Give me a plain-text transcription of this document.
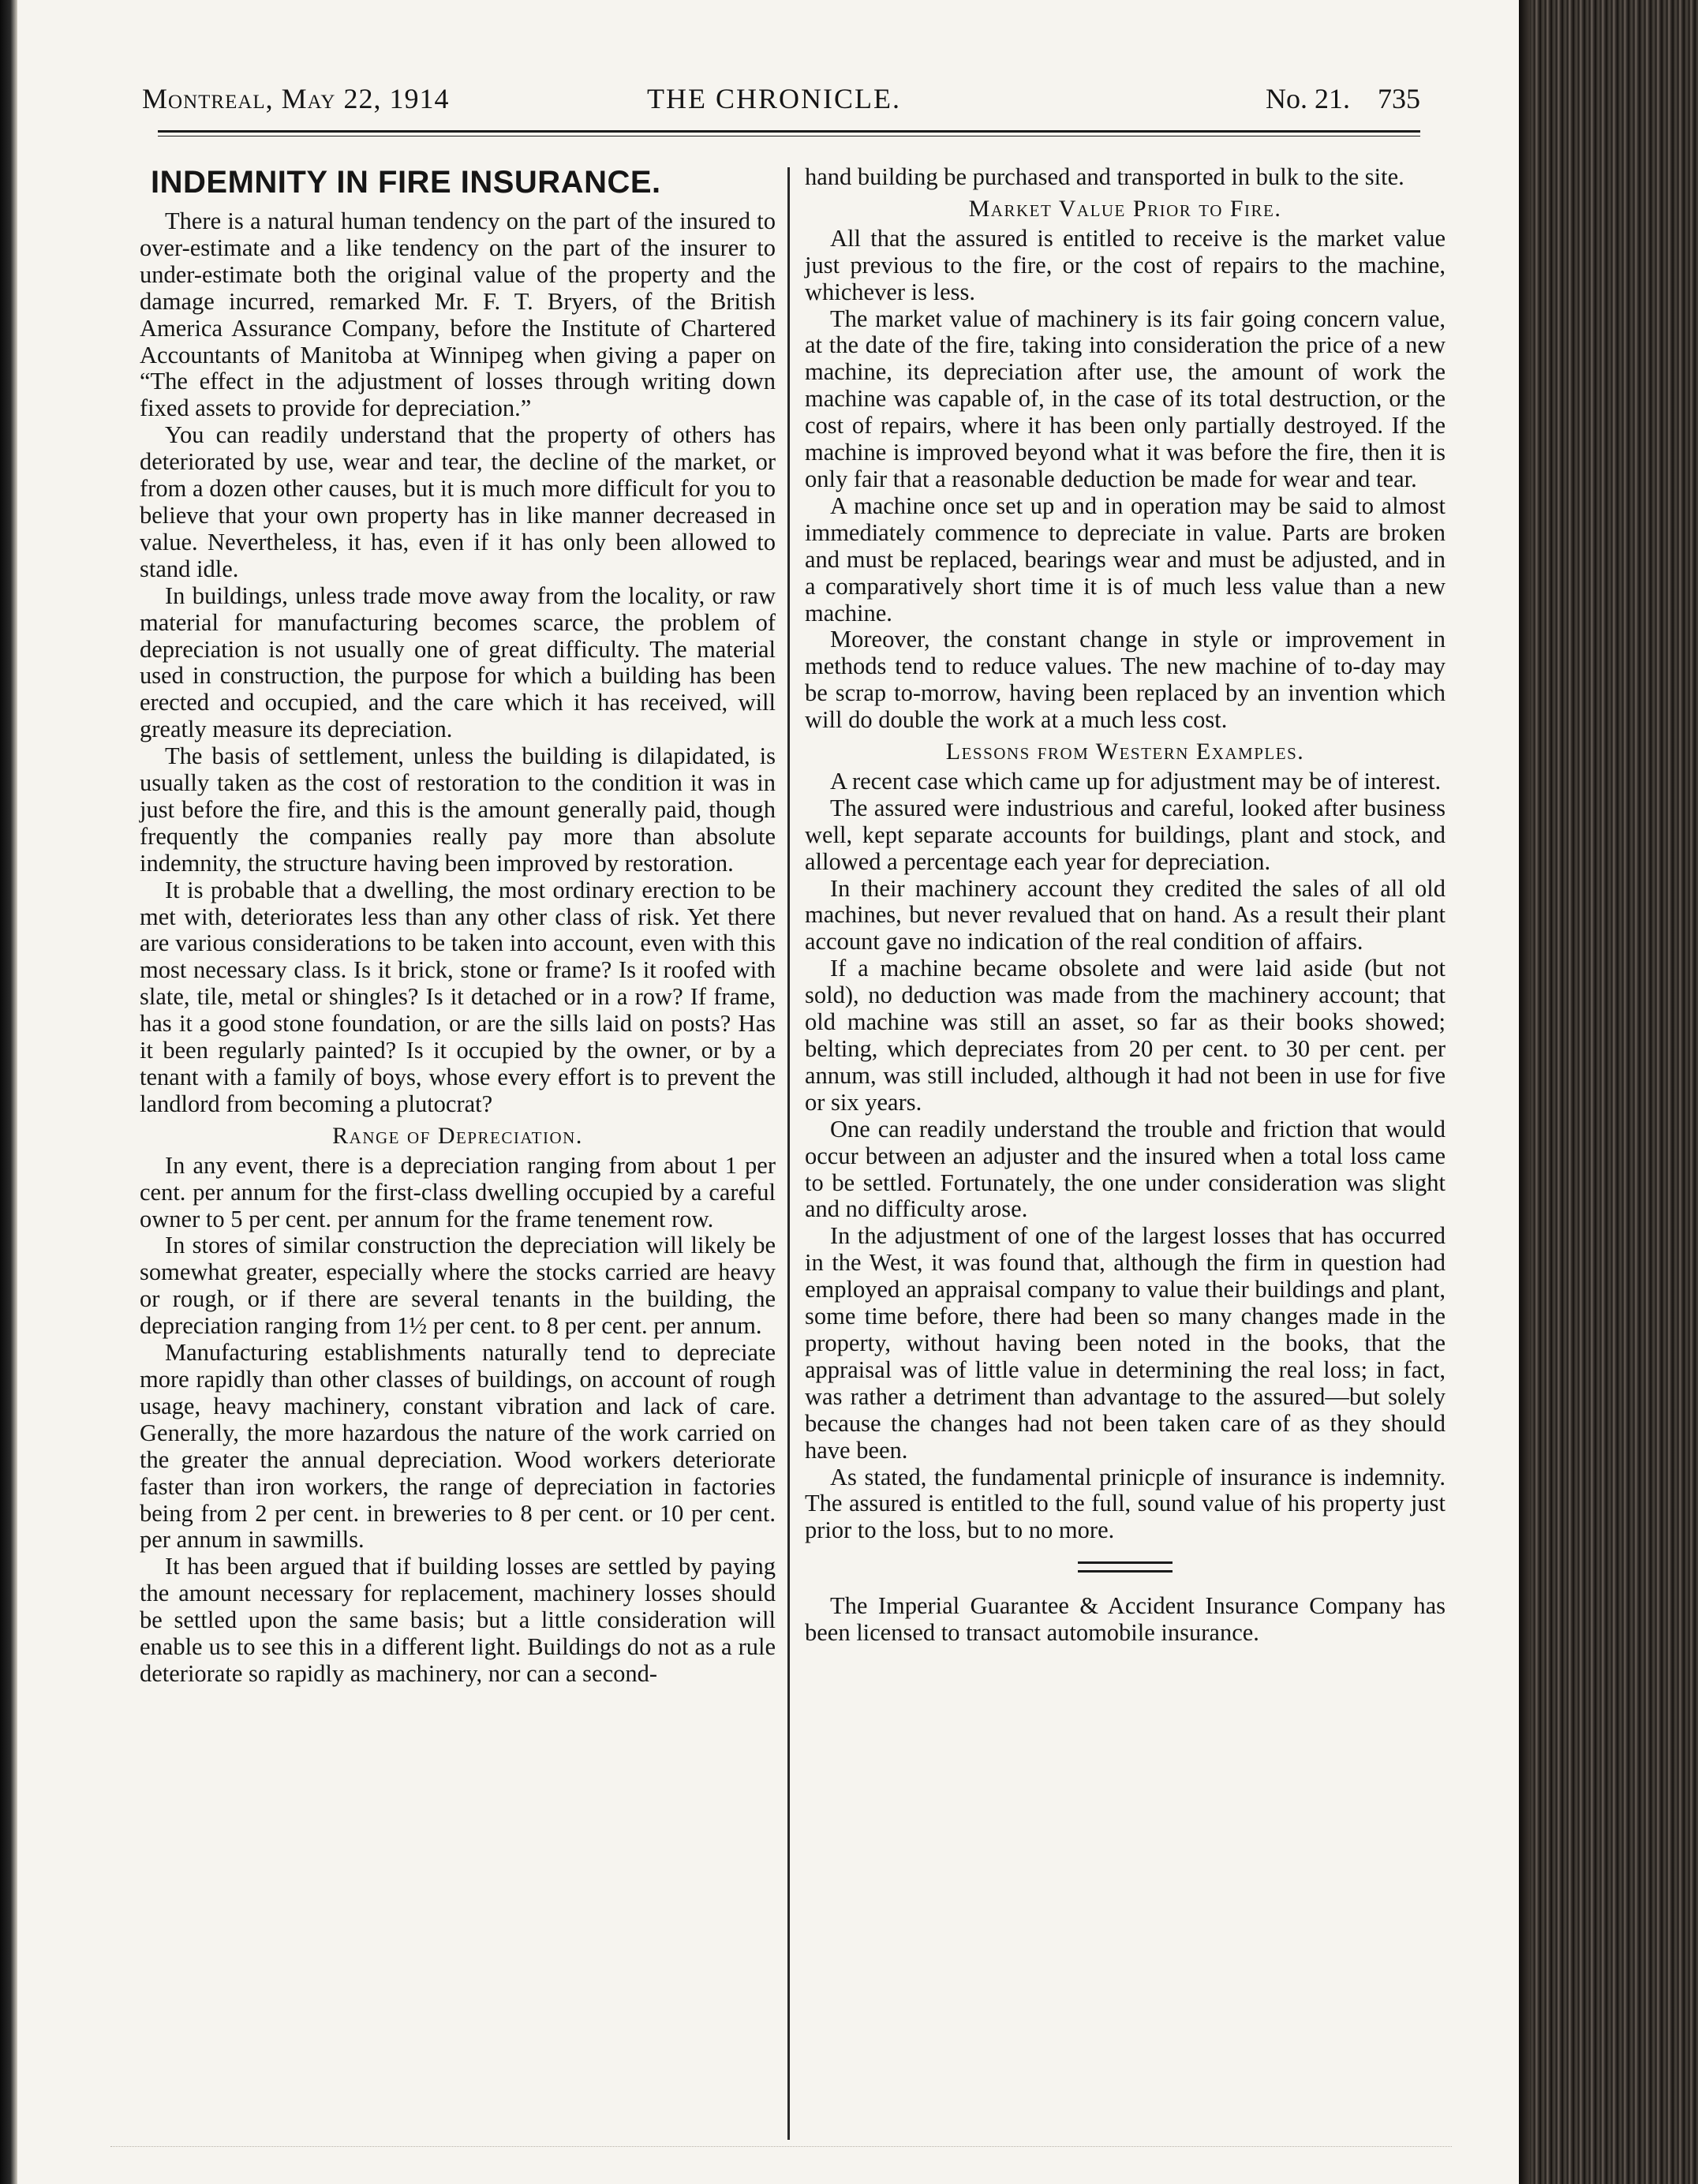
Montreal, May 22, 1914	THE CHRONICLE.	No. 21. 735
INDEMNITY IN FIRE INSURANCE.

There is a natural human tendency on the part of the insured to over-estimate and a like tendency on the part of the insurer to under-estimate both the original value of the property and the damage incurred, remarked Mr. F. T. Bryers, of the British America Assurance Company, before the Institute of Chartered Accountants of Manitoba at Winnipeg when giving a paper on “The effect in the adjustment of losses through writing down fixed assets to provide for depreciation.”

You can readily understand that the property of others has deteriorated by use, wear and tear, the decline of the market, or from a dozen other causes, but it is much more difficult for you to believe that your own property has in like manner decreased in value. Nevertheless, it has, even if it has only been allowed to stand idle.

In buildings, unless trade move away from the locality, or raw material for manufacturing becomes scarce, the problem of depreciation is not usually one of great difficulty. The material used in construction, the purpose for which a building has been erected and occupied, and the care which it has received, will greatly measure its depreciation.

The basis of settlement, unless the building is dilapidated, is usually taken as the cost of restoration to the condition it was in just before the fire, and this is the amount generally paid, though frequently the companies really pay more than absolute indemnity, the structure having been improved by restoration.

It is probable that a dwelling, the most ordinary erection to be met with, deteriorates less than any other class of risk. Yet there are various considerations to be taken into account, even with this most necessary class. Is it brick, stone or frame? Is it roofed with slate, tile, metal or shingles? Is it detached or in a row? If frame, has it a good stone foundation, or are the sills laid on posts? Has it been regularly painted? Is it occupied by the owner, or by a tenant with a family of boys, whose every effort is to prevent the landlord from becoming a plutocrat?

Range of Depreciation.

In any event, there is a depreciation ranging from about 1 per cent. per annum for the first-class dwelling occupied by a careful owner to 5 per cent. per annum for the frame tenement row.

In stores of similar construction the depreciation will likely be somewhat greater, especially where the stocks carried are heavy or rough, or if there are several tenants in the building, the depreciation ranging from 1½ per cent. to 8 per cent. per annum.

Manufacturing establishments naturally tend to depreciate more rapidly than other classes of buildings, on account of rough usage, heavy machinery, constant vibration and lack of care. Generally, the more hazardous the nature of the work carried on the greater the annual depreciation. Wood workers deteriorate faster than iron workers, the range of depreciation in factories being from 2 per cent. in breweries to 8 per cent. or 10 per cent. per annum in sawmills.

It has been argued that if building losses are settled by paying the amount necessary for replacement, machinery losses should be settled upon the same basis; but a little consideration will enable us to see this in a different light. Buildings do not as a rule deteriorate so rapidly as machinery, nor can a second-

hand building be purchased and transported in bulk to the site.

Market Value Prior to Fire.

All that the assured is entitled to receive is the market value just previous to the fire, or the cost of repairs to the machine, whichever is less.

The market value of machinery is its fair going concern value, at the date of the fire, taking into consideration the price of a new machine, its depreciation after use, the amount of work the machine was capable of, in the case of its total destruction, or the cost of repairs, where it has been only partially destroyed. If the machine is improved beyond what it was before the fire, then it is only fair that a reasonable deduction be made for wear and tear.

A machine once set up and in operation may be said to almost immediately commence to depreciate in value. Parts are broken and must be replaced, bearings wear and must be adjusted, and in a comparatively short time it is of much less value than a new machine.

Moreover, the constant change in style or improvement in methods tend to reduce values. The new machine of to-day may be scrap to-morrow, having been replaced by an invention which will do double the work at a much less cost.

Lessons from Western Examples.

A recent case which came up for adjustment may be of interest.

The assured were industrious and careful, looked after business well, kept separate accounts for buildings, plant and stock, and allowed a percentage each year for depreciation.

In their machinery account they credited the sales of all old machines, but never revalued that on hand. As a result their plant account gave no indication of the real condition of affairs.

If a machine became obsolete and were laid aside (but not sold), no deduction was made from the machinery account; that old machine was still an asset, so far as their books showed; belting, which depreciates from 20 per cent. to 30 per cent. per annum, was still included, although it had not been in use for five or six years.

One can readily understand the trouble and friction that would occur between an adjuster and the insured when a total loss came to be settled. Fortunately, the one under consideration was slight and no difficulty arose.

In the adjustment of one of the largest losses that has occurred in the West, it was found that, although the firm in question had employed an appraisal company to value their buildings and plant, some time before, there had been so many changes made in the property, without having been noted in the books, that the appraisal was of little value in determining the real loss; in fact, was rather a detriment than advantage to the assured—but solely because the changes had not been taken care of as they should have been.

As stated, the fundamental prinicple of insurance is indemnity. The assured is entitled to the full, sound value of his property just prior to the loss, but to no more.

The Imperial Guarantee & Accident Insurance Company has been licensed to transact automobile insurance.
